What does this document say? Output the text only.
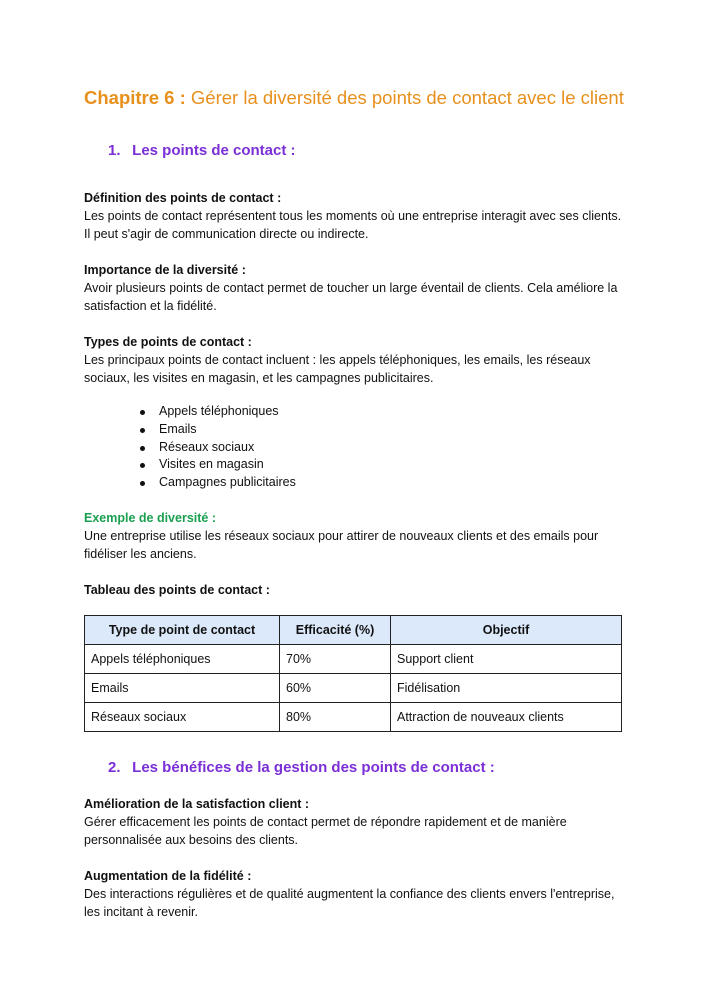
Chapitre 6 : Gérer la diversité des points de contact avec le client
1. Les points de contact :

Définition des points de contact :

Les points de contact représentent tous les moments où une entreprise interagit avec ses clients. Il peut s'agir de communication directe ou indirecte.

Importance de la diversité :

Avoir plusieurs points de contact permet de toucher un large éventail de clients. Cela améliore la satisfaction et la fidélité.

Types de points de contact :

Les principaux points de contact incluent : les appels téléphoniques, les emails, les réseaux sociaux, les visites en magasin, et les campagnes publicitaires.

Appels téléphoniques
Emails
Réseaux sociaux
Visites en magasin
Campagnes publicitaires

Exemple de diversité :

Une entreprise utilise les réseaux sociaux pour attirer de nouveaux clients et des emails pour fidéliser les anciens.

Tableau des points de contact :

Type de point de contact	Efficacité (%)	Objectif
Appels téléphoniques	70%	Support client
Emails	60%	Fidélisation
Réseaux sociaux	80%	Attraction de nouveaux clients
2. Les bénéfices de la gestion des points de contact :

Amélioration de la satisfaction client :

Gérer efficacement les points de contact permet de répondre rapidement et de manière personnalisée aux besoins des clients.

Augmentation de la fidélité :

Des interactions régulières et de qualité augmentent la confiance des clients envers l'entreprise, les incitant à revenir.
